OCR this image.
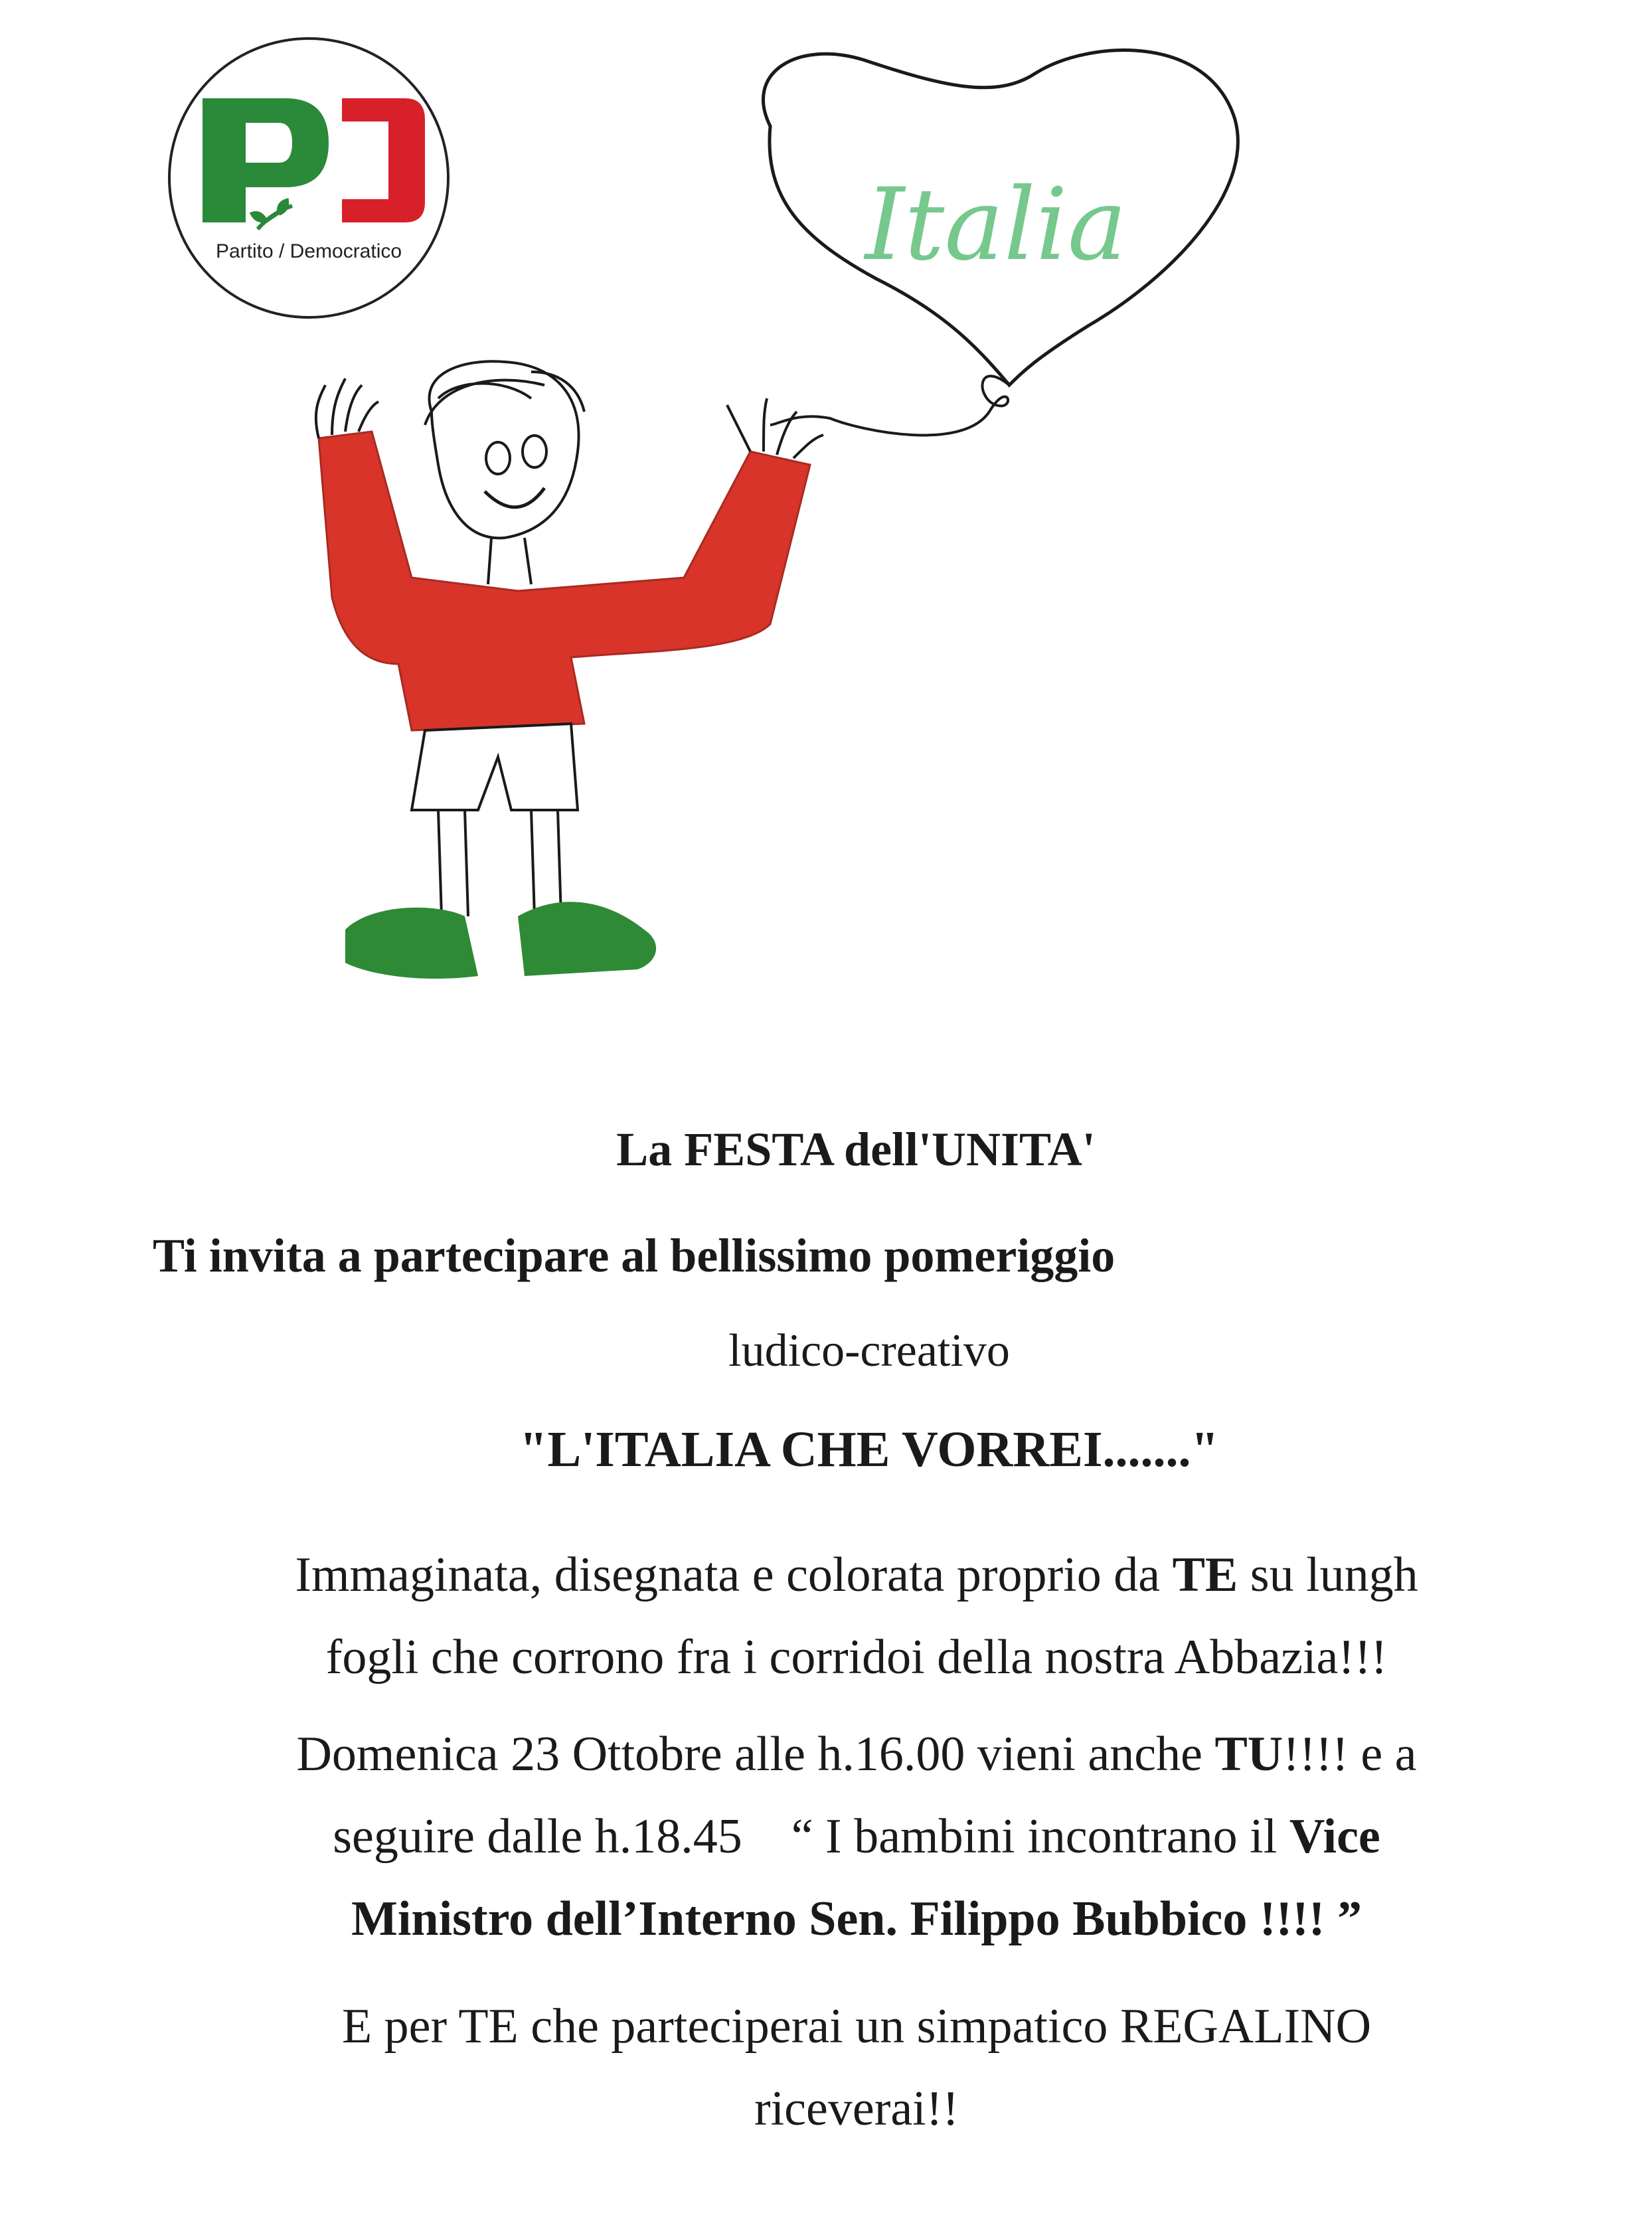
Partito / Democratico	Italia
La FESTA dell'UNITA'
Ti invita a partecipare al bellissimo pomeriggio
ludico-creativo
"L'ITALIA CHE VORREI......."
Immaginata, disegnata e colorata proprio da TE su lungh
fogli che corrono fra i corridoi della nostra Abbazia!!!
Domenica 23 Ottobre alle h.16.00 vieni anche TU!!!! e a
seguire dalle h.18.45    “ I bambini incontrano il Vice
Ministro dell’Interno Sen. Filippo Bubbico !!!! ”
E per TE che parteciperai un simpatico REGALINO
riceverai!!
